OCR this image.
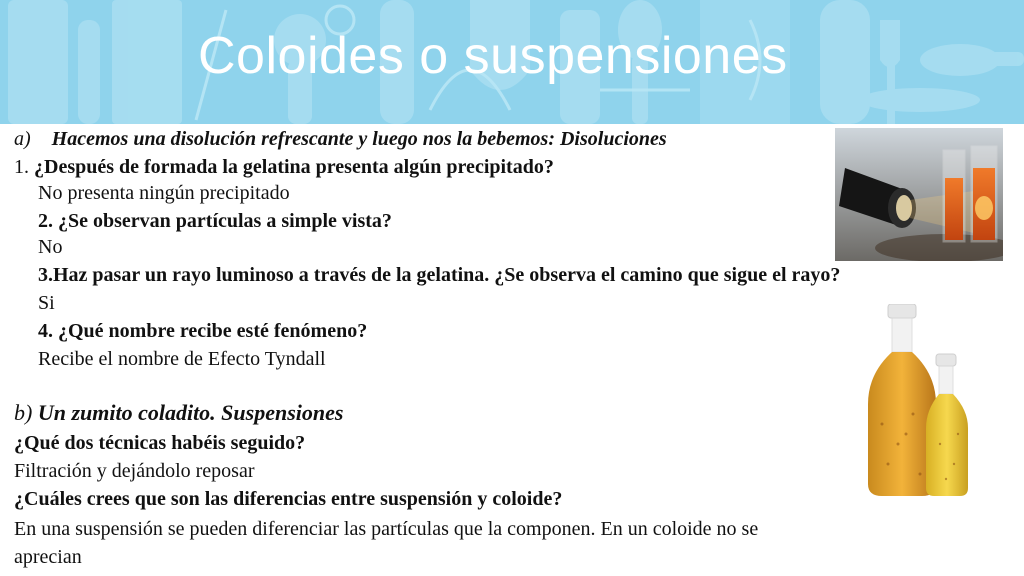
Coloides o suspensiones
a) Hacemos una disolución refrescante y luego nos la bebemos: Disoluciones
1. ¿Después de formada la gelatina presenta algún precipitado?
No presenta ningún precipitado
2. ¿Se observan partículas a simple vista?
No
3.Haz pasar un rayo luminoso a través de la gelatina. ¿Se observa el camino que sigue el rayo?
Si
4. ¿Qué nombre recibe esté fenómeno?
Recibe el nombre de Efecto Tyndall
b) Un zumito coladito. Suspensiones
¿Qué dos técnicas habéis seguido?
Filtración y dejándolo reposar
¿Cuáles crees que son las diferencias entre suspensión y coloide?
En una suspensión se pueden diferenciar las partículas que la componen. En un coloide no se
aprecian
